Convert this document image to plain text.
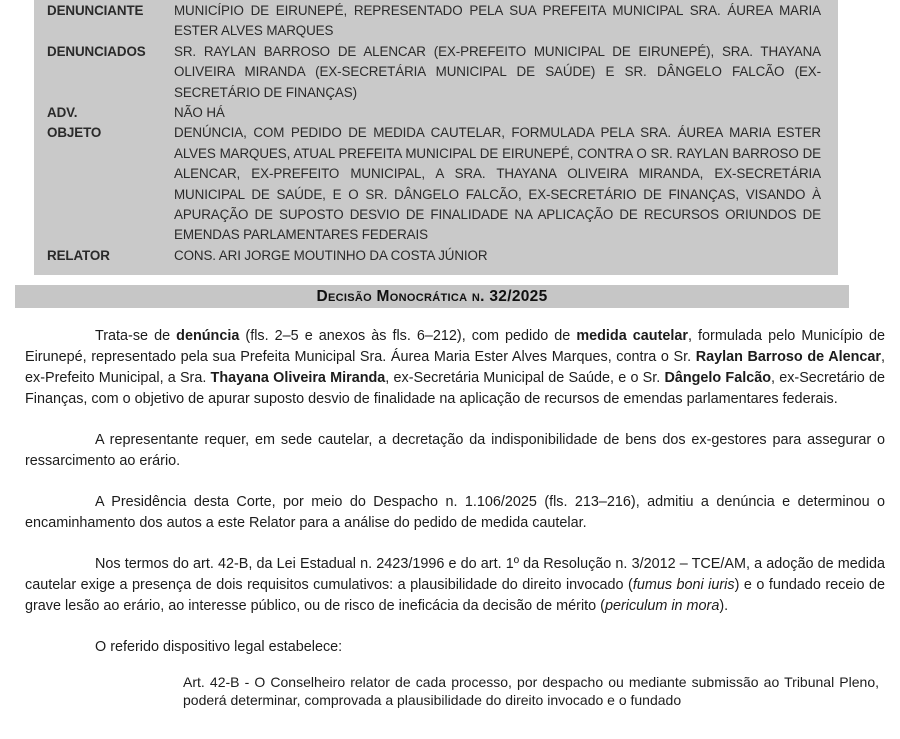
DENUNCIANTE	MUNICÍPIO DE EIRUNEPÉ, REPRESENTADO PELA SUA PREFEITA MUNICIPAL SRA. ÁUREA MARIA ESTER ALVES MARQUES
DENUNCIADOS	SR. RAYLAN BARROSO DE ALENCAR (EX-PREFEITO MUNICIPAL DE EIRUNEPÉ), SRA. THAYANA OLIVEIRA MIRANDA (EX-SECRETÁRIA MUNICIPAL DE SAÚDE) E SR. DÂNGELO FALCÃO (EX-SECRETÁRIO DE FINANÇAS)
ADV.	NÃO HÁ
OBJETO	DENÚNCIA, COM PEDIDO DE MEDIDA CAUTELAR, FORMULADA PELA SRA. ÁUREA MARIA ESTER ALVES MARQUES, ATUAL PREFEITA MUNICIPAL DE EIRUNEPÉ, CONTRA O SR. RAYLAN BARROSO DE ALENCAR, EX-PREFEITO MUNICIPAL, A SRA. THAYANA OLIVEIRA MIRANDA, EX-SECRETÁRIA MUNICIPAL DE SAÚDE, E O SR. DÂNGELO FALCÃO, EX-SECRETÁRIO DE FINANÇAS, VISANDO À APURAÇÃO DE SUPOSTO DESVIO DE FINALIDADE NA APLICAÇÃO DE RECURSOS ORIUNDOS DE EMENDAS PARLAMENTARES FEDERAIS
RELATOR	CONS. ARI JORGE MOUTINHO DA COSTA JÚNIOR
Decisão Monocrática n. 32/2025

Trata-se de denúncia (fls. 2–5 e anexos às fls. 6–212), com pedido de medida cautelar, formulada pelo Município de Eirunepé, representado pela sua Prefeita Municipal Sra. Áurea Maria Ester Alves Marques, contra o Sr. Raylan Barroso de Alencar, ex-Prefeito Municipal, a Sra. Thayana Oliveira Miranda, ex-Secretária Municipal de Saúde, e o Sr. Dângelo Falcão, ex-Secretário de Finanças, com o objetivo de apurar suposto desvio de finalidade na aplicação de recursos de emendas parlamentares federais.

A representante requer, em sede cautelar, a decretação da indisponibilidade de bens dos ex-gestores para assegurar o ressarcimento ao erário.

A Presidência desta Corte, por meio do Despacho n. 1.106/2025 (fls. 213–216), admitiu a denúncia e determinou o encaminhamento dos autos a este Relator para a análise do pedido de medida cautelar.

Nos termos do art. 42-B, da Lei Estadual n. 2423/1996 e do art. 1º da Resolução n. 3/2012 – TCE/AM, a adoção de medida cautelar exige a presença de dois requisitos cumulativos: a plausibilidade do direito invocado (fumus boni iuris) e o fundado receio de grave lesão ao erário, ao interesse público, ou de risco de ineficácia da decisão de mérito (periculum in mora).

O referido dispositivo legal estabelece:

Art. 42-B - O Conselheiro relator de cada processo, por despacho ou mediante submissão ao Tribunal Pleno, poderá determinar, comprovada a plausibilidade do direito invocado e o fundado
